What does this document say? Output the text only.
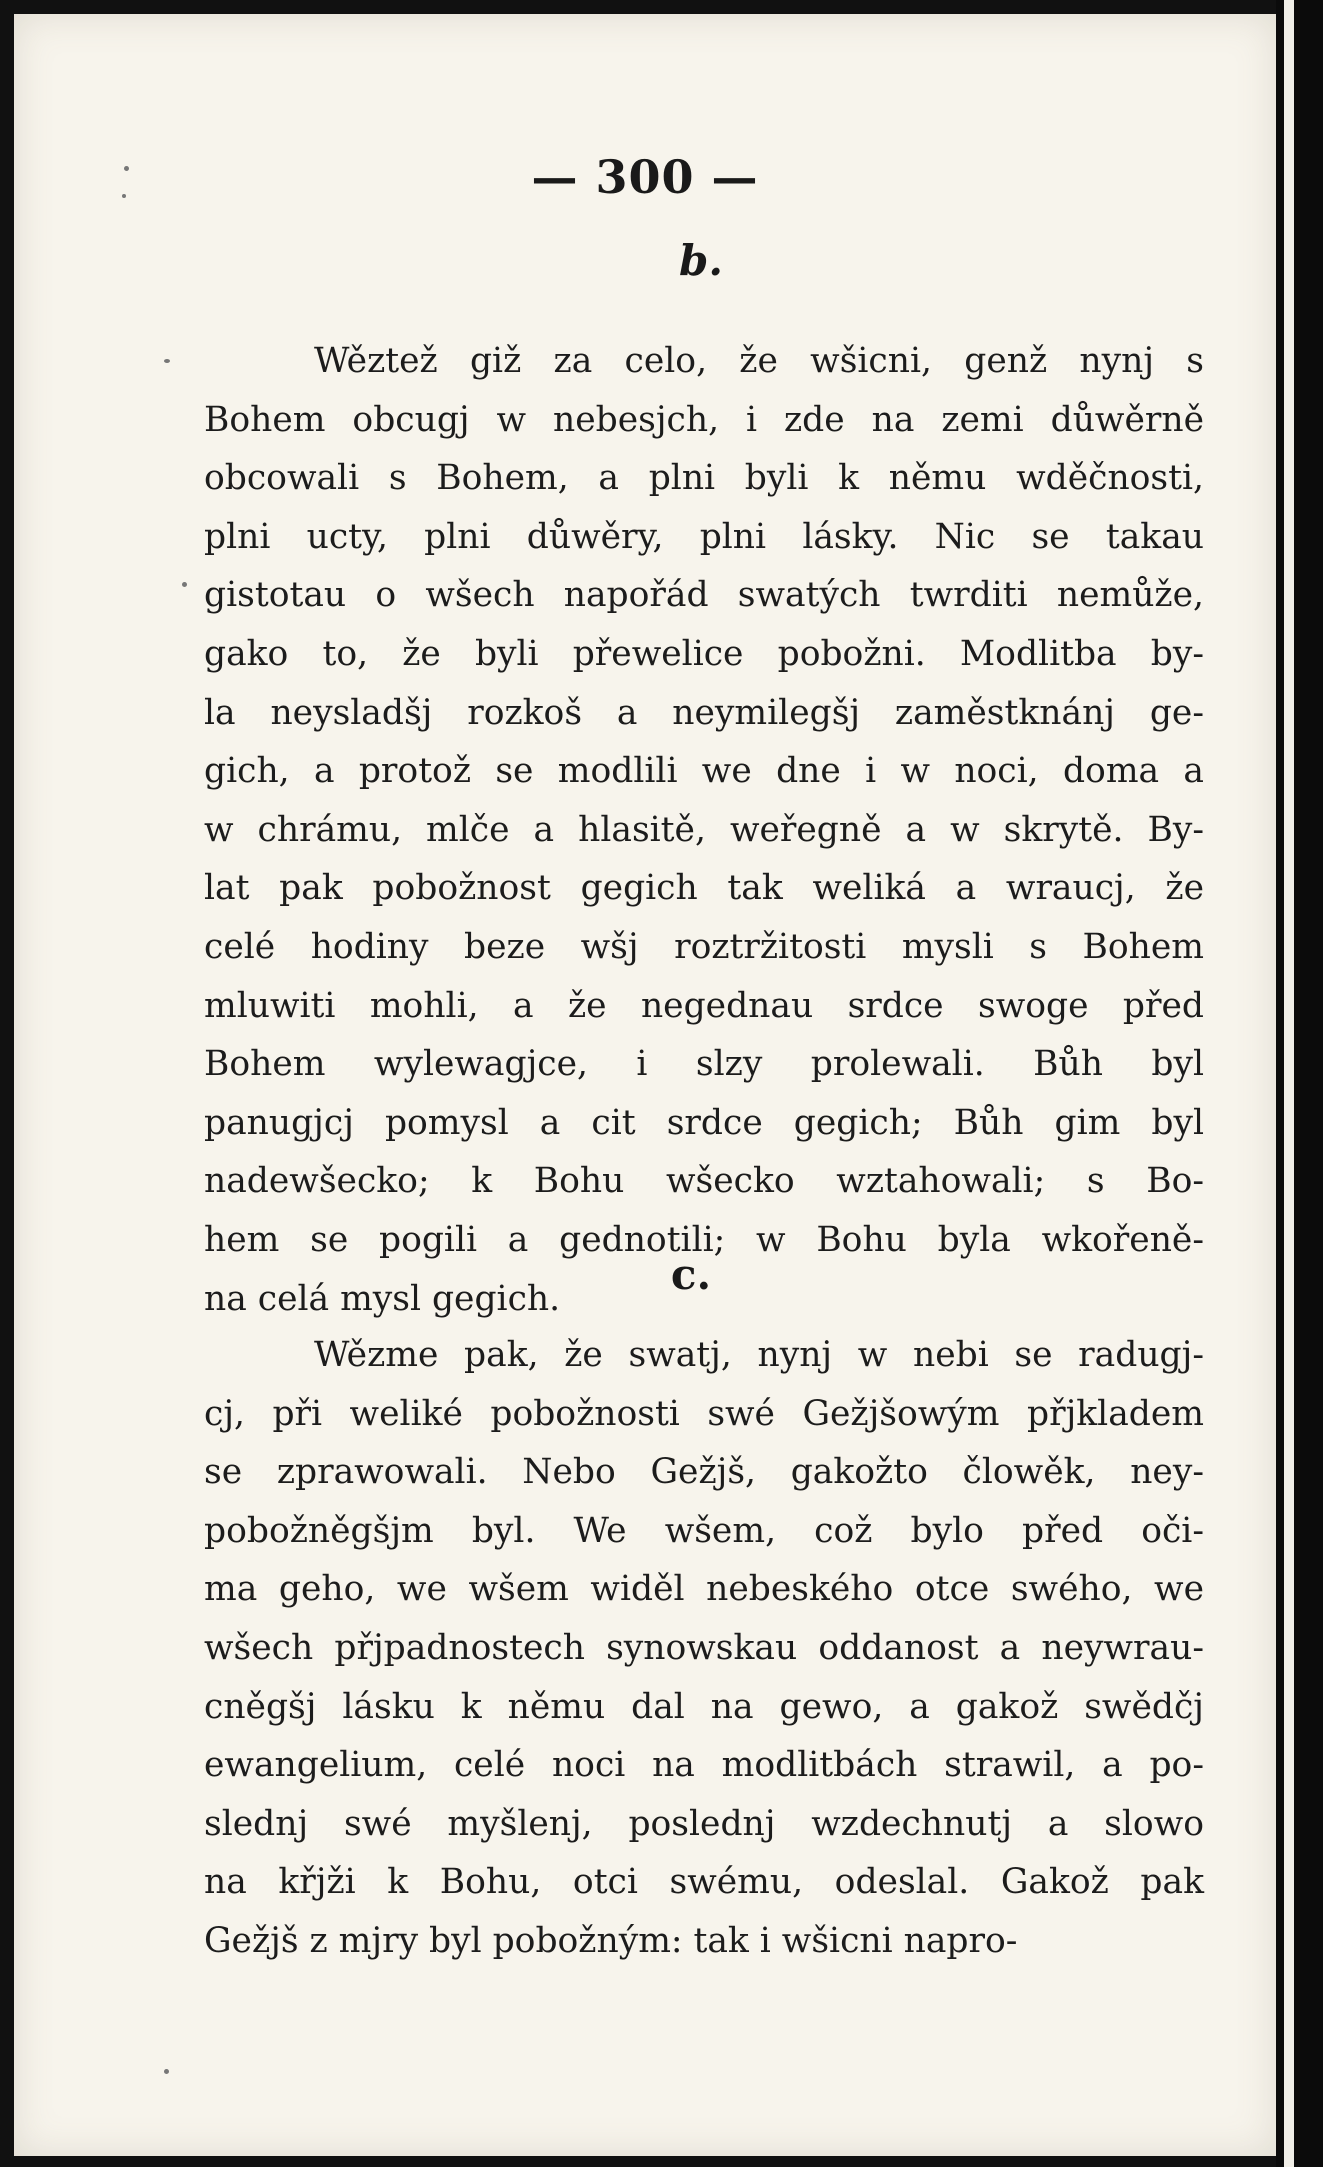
— 300 —
b.
Wěztež giž za celo, že wšicni, genž nynj s
Bohem obcugj w nebesjch, i zde na zemi důwěrně
obcowali s Bohem, a plni byli k němu wděčnosti,
plni ucty, plni důwěry, plni lásky. Nic se takau
gistotau o wšech napořád swatých twrditi nemůže,
gako to, že byli přewelice pobožni. Modlitba by-
la neysladšj rozkoš a neymilegšj zaměstknánj ge-
gich, a protož se modlili we dne i w noci, doma a
w chrámu, mlče a hlasitě, weřegně a w skrytě. By-
lat pak pobožnost gegich tak weliká a wraucj, že
celé hodiny beze wšj roztržitosti mysli s Bohem
mluwiti mohli, a že negednau srdce swoge před
Bohem wylewagjce, i slzy prolewali. Bůh byl
panugjcj pomysl a cit srdce gegich; Bůh gim byl
nadewšecko; k Bohu wšecko wztahowali; s Bo-
hem se pogili a gednotili; w Bohu byla wkořeně-
na celá mysl gegich.	c.
Wězme pak, že swatj, nynj w nebi se radugj-
cj, při weliké pobožnosti swé Gežjšowým přjkladem
se zprawowali. Nebo Gežjš, gakožto člowěk, ney-
pobožněgšjm byl. We wšem, což bylo před oči-
ma geho, we wšem widěl nebeského otce swého, we
wšech přjpadnostech synowskau oddanost a neywrau-
cněgšj lásku k němu dal na gewo, a gakož swědčj
ewangelium, celé noci na modlitbách strawil, a po-
slednj swé myšlenj, poslednj wzdechnutj a slowo
na křjži k Bohu, otci swému, odeslal. Gakož pak
Gežjš z mjry byl pobožným: tak i wšicni napro-
